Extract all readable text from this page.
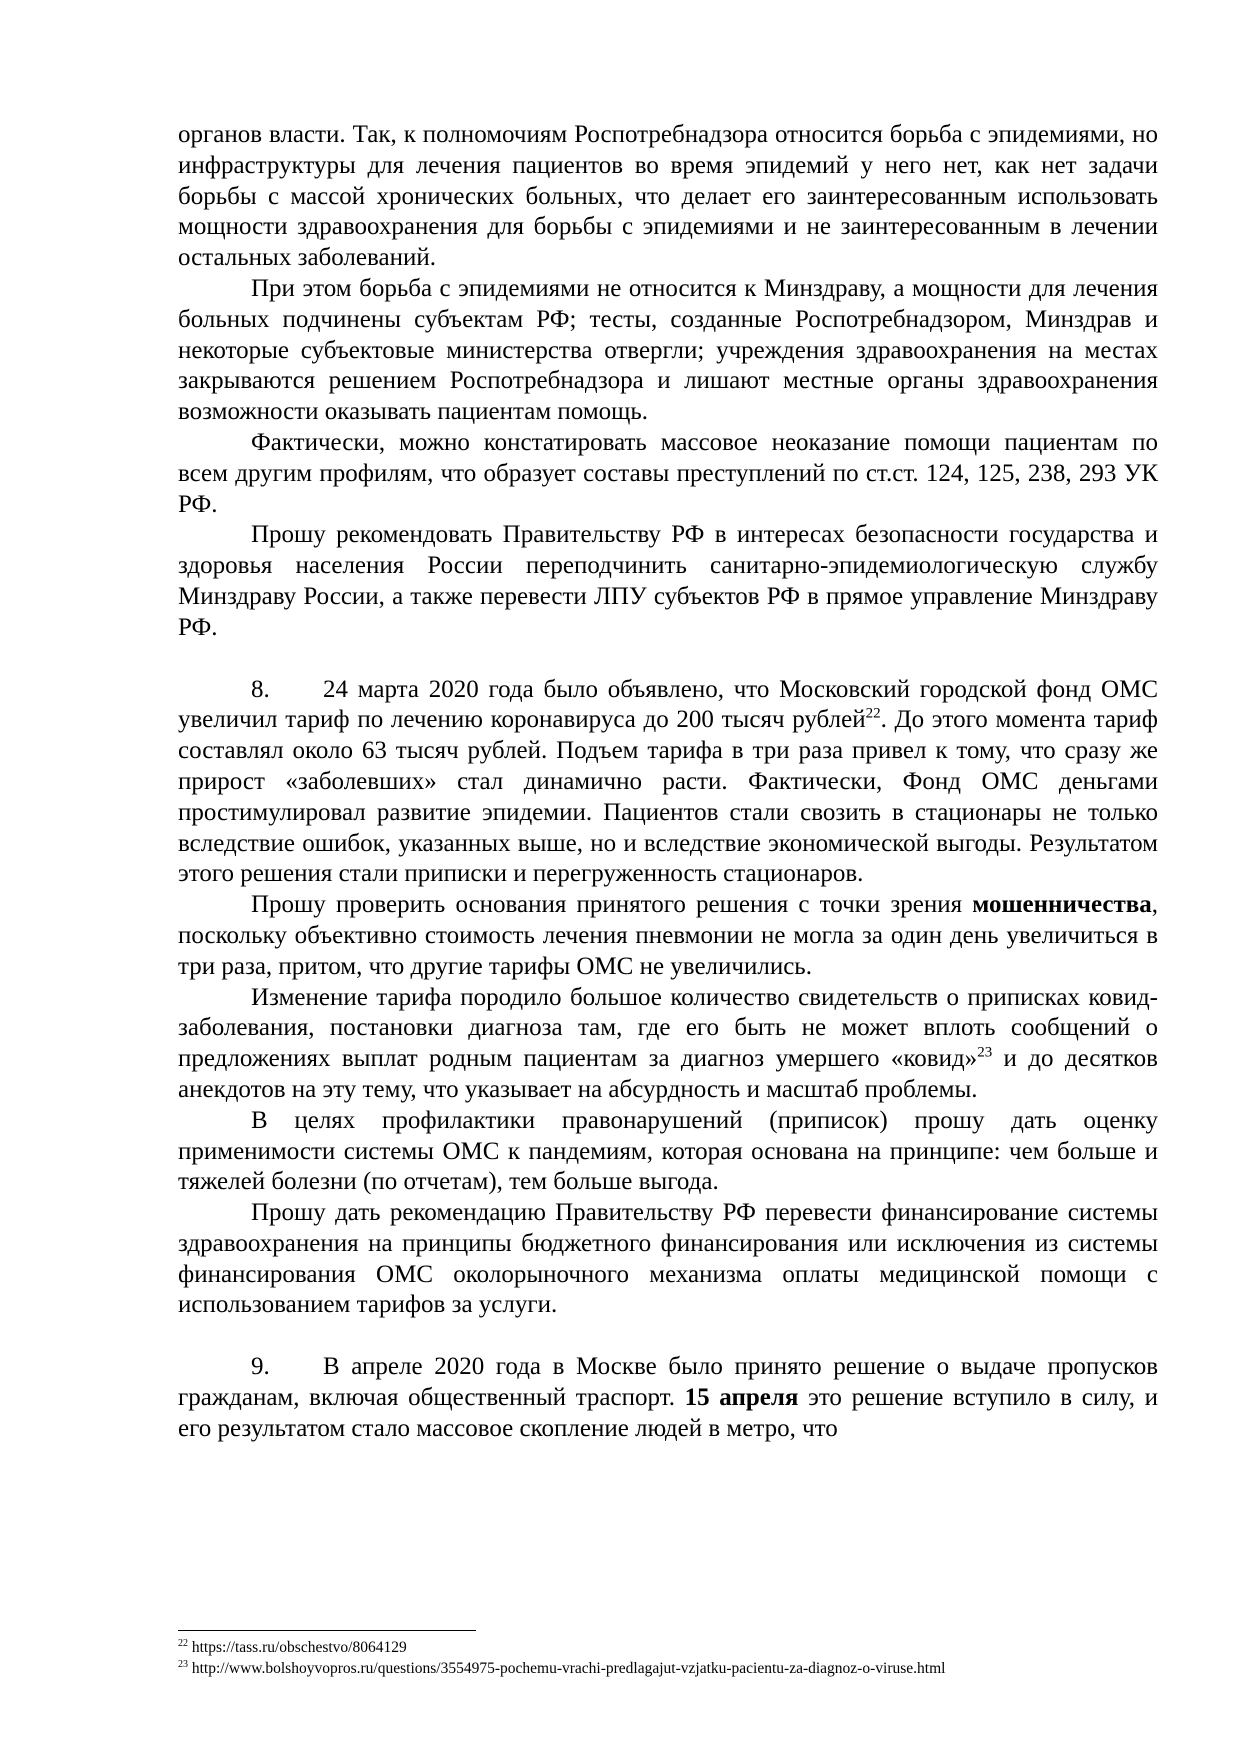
органов власти. Так, к полномочиям Роспотребнадзора относится борьба с эпидемиями, но инфраструктуры для лечения пациентов во время эпидемий у него нет, как нет задачи борьбы с массой хронических больных, что делает его заинтересованным использовать мощности здравоохранения для борьбы с эпидемиями и не заинтересованным в лечении остальных заболеваний.

При этом борьба с эпидемиями не относится к Минздраву, а мощности для лечения больных подчинены субъектам РФ; тесты, созданные Роспотребнадзором, Минздрав и некоторые субъектовые министерства отвергли; учреждения здравоохранения на местах закрываются решением Роспотребнадзора и лишают местные органы здравоохранения возможности оказывать пациентам помощь.

Фактически, можно констатировать массовое неоказание помощи пациентам по всем другим профилям, что образует составы преступлений по ст.ст. 124, 125, 238, 293 УК РФ.

Прошу рекомендовать Правительству РФ в интересах безопасности государства и здоровья населения России переподчинить санитарно-эпидемиологическую службу Минздраву России, а также перевести ЛПУ субъектов РФ в прямое управление Минздраву РФ.

8. 24 марта 2020 года было объявлено, что Московский городской фонд ОМС увеличил тариф по лечению коронавируса до 200 тысяч рублей$^{22}$. До этого момента тариф составлял около 63 тысяч рублей. Подъем тарифа в три раза привел к тому, что сразу же прирост «заболевших» стал динамично расти. Фактически, Фонд ОМС деньгами простимулировал развитие эпидемии. Пациентов стали свозить в стационары не только вследствие ошибок, указанных выше, но и вследствие экономической выгоды. Результатом этого решения стали приписки и перегруженность стационаров.

Прошу проверить основания принятого решения с точки зрения мошенничества, поскольку объективно стоимость лечения пневмонии не могла за один день увеличиться в три раза, притом, что другие тарифы ОМС не увеличились.

Изменение тарифа породило большое количество свидетельств о приписках ковид-заболевания, постановки диагноза там, где его быть не может вплоть сообщений о предложениях выплат родным пациентам за диагноз умершего «ковид»$^{23}$ и до десятков анекдотов на эту тему, что указывает на абсурдность и масштаб проблемы.

В целях профилактики правонарушений (приписок) прошу дать оценку применимости системы ОМС к пандемиям, которая основана на принципе: чем больше и тяжелей болезни (по отчетам), тем больше выгода.

Прошу дать рекомендацию Правительству РФ перевести финансирование системы здравоохранения на принципы бюджетного финансирования или исключения из системы финансирования ОМС околорыночного механизма оплаты медицинской помощи с использованием тарифов за услуги.

9. В апреле 2020 года в Москве было принято решение о выдаче пропусков гражданам, включая общественный траспорт. 15 апреля это решение вступило в силу, и его результатом стало массовое скопление людей в метро, что

$^{22}$ https://tass.ru/obschestvo/8064129

$^{23}$ http://www.bolshoyvopros.ru/questions/3554975-pochemu-vrachi-predlagajut-vzjatku-pacientu-za-diagnoz-o-viruse.html
